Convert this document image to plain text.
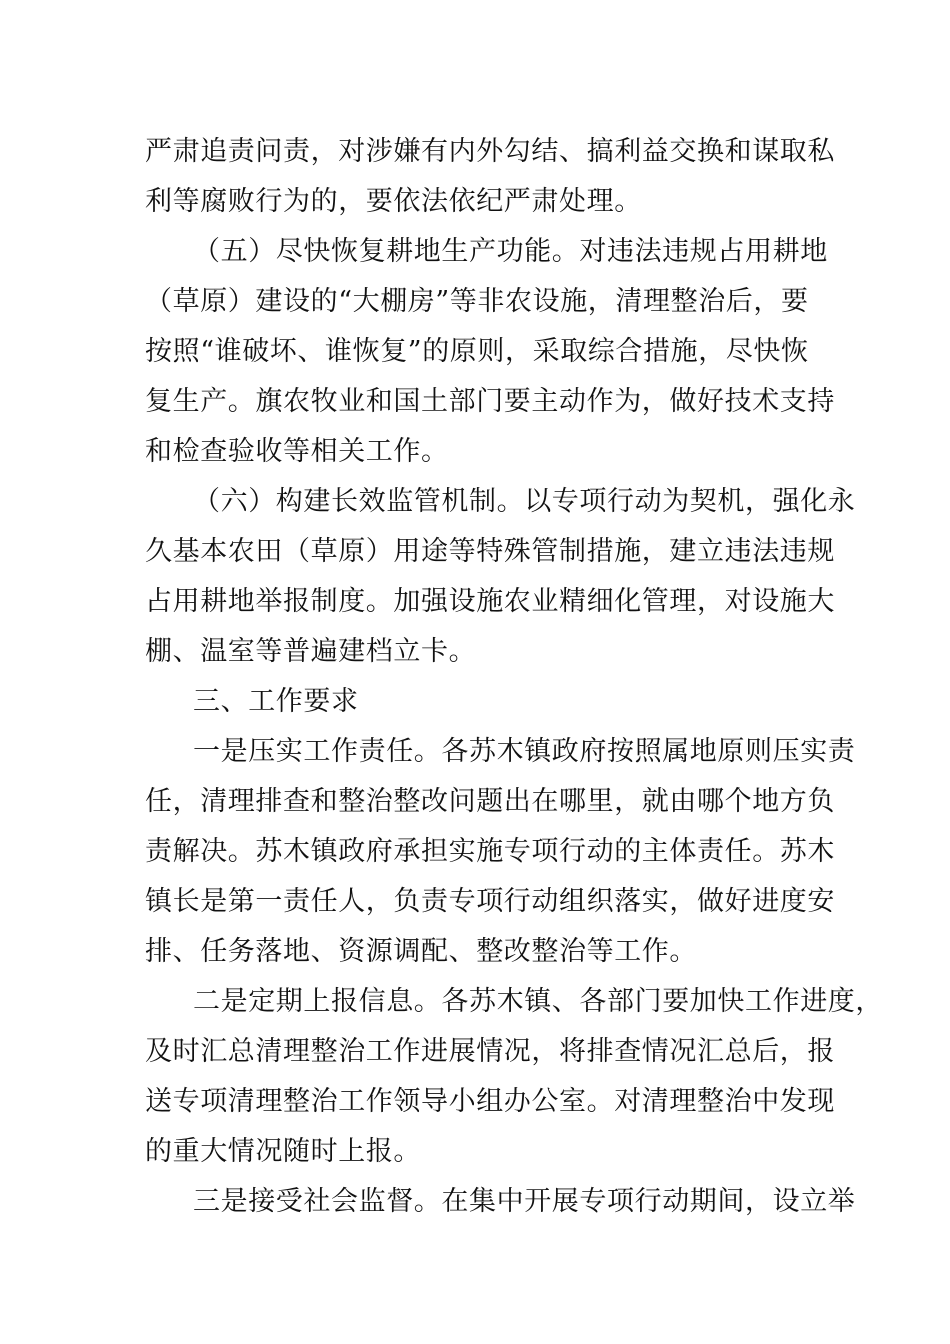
严肃追责问责，对涉嫌有内外勾结、搞利益交换和谋取私
利等腐败行为的，要依法依纪严肃处理。
（五）尽快恢复耕地生产功能。对违法违规占用耕地
（草原）建设的“大棚房”等非农设施，清理整治后，要
按照“谁破坏、谁恢复”的原则，采取综合措施，尽快恢
复生产。旗农牧业和国土部门要主动作为，做好技术支持
和检查验收等相关工作。
（六）构建长效监管机制。以专项行动为契机，强化永
久基本农田（草原）用途等特殊管制措施，建立违法违规
占用耕地举报制度。加强设施农业精细化管理，对设施大
棚、温室等普遍建档立卡。
三、工作要求
一是压实工作责任。各苏木镇政府按照属地原则压实责
任，清理排查和整治整改问题出在哪里，就由哪个地方负
责解决。苏木镇政府承担实施专项行动的主体责任。苏木
镇长是第一责任人，负责专项行动组织落实，做好进度安
排、任务落地、资源调配、整改整治等工作。
二是定期上报信息。各苏木镇、各部门要加快工作进度，
及时汇总清理整治工作进展情况，将排查情况汇总后，报
送专项清理整治工作领导小组办公室。对清理整治中发现
的重大情况随时上报。
三是接受社会监督。在集中开展专项行动期间，设立举
